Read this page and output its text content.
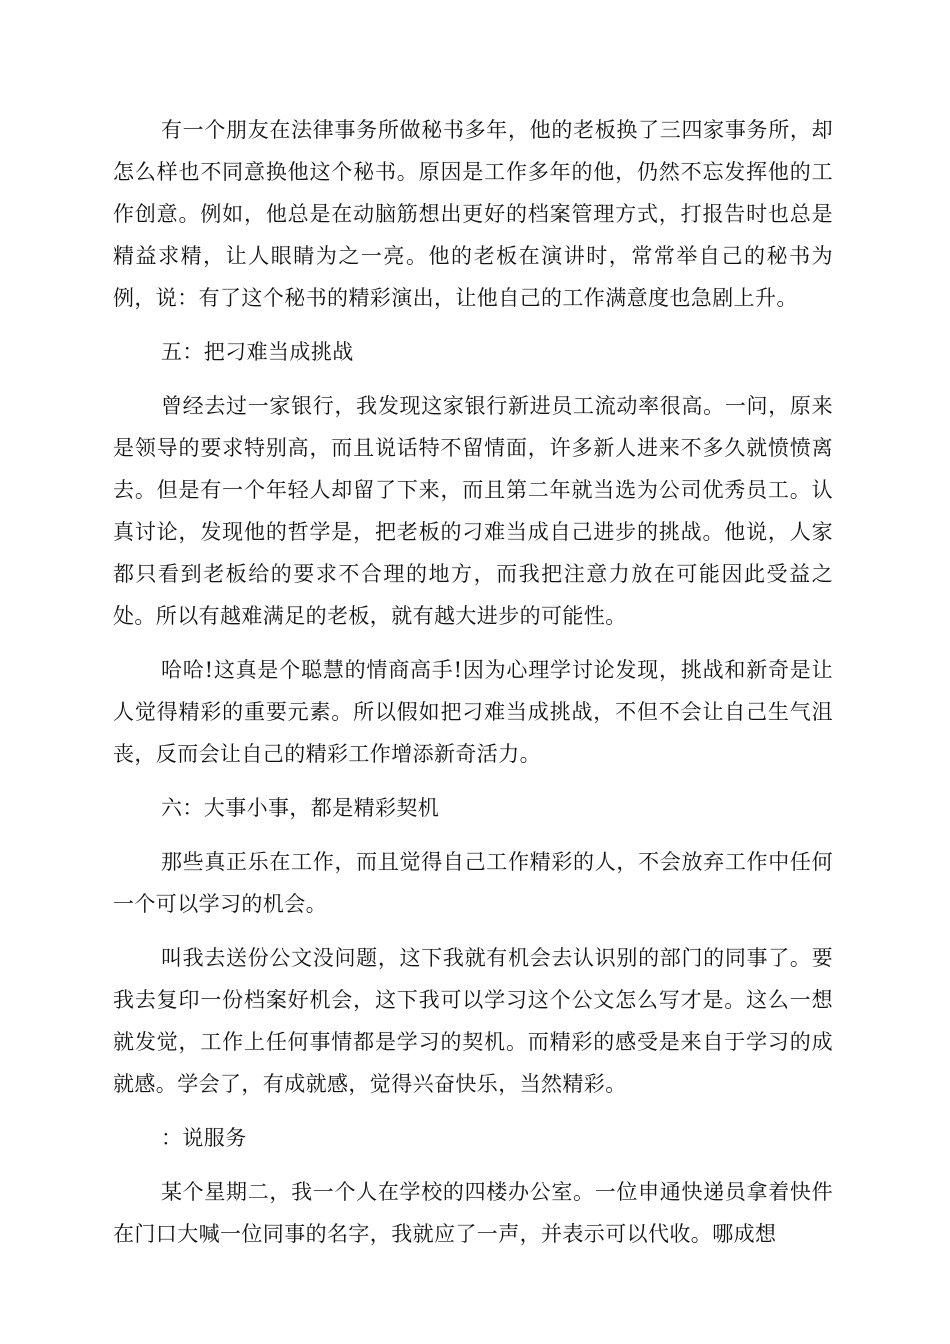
有一个朋友在法律事务所做秘书多年，他的老板换了三四家事务所，却怎么样也不同意换他这个秘书。原因是工作多年的他，仍然不忘发挥他的工作创意。例如，他总是在动脑筋想出更好的档案管理方式，打报告时也总是精益求精，让人眼睛为之一亮。他的老板在演讲时，常常举自己的秘书为例，说：有了这个秘书的精彩演出，让他自己的工作满意度也急剧上升。

五：把刁难当成挑战

曾经去过一家银行，我发现这家银行新进员工流动率很高。一问，原来是领导的要求特别高，而且说话特不留情面，许多新人进来不多久就愤愤离去。但是有一个年轻人却留了下来，而且第二年就当选为公司优秀员工。认真讨论，发现他的哲学是，把老板的刁难当成自己进步的挑战。他说，人家都只看到老板给的要求不合理的地方，而我把注意力放在可能因此受益之处。所以有越难满足的老板，就有越大进步的可能性。

哈哈!这真是个聪慧的情商高手!因为心理学讨论发现，挑战和新奇是让人觉得精彩的重要元素。所以假如把刁难当成挑战，不但不会让自己生气沮丧，反而会让自己的精彩工作增添新奇活力。

六：大事小事，都是精彩契机

那些真正乐在工作，而且觉得自己工作精彩的人，不会放弃工作中任何一个可以学习的机会。

叫我去送份公文没问题，这下我就有机会去认识别的部门的同事了。要我去复印一份档案好机会，这下我可以学习这个公文怎么写才是。这么一想就发觉，工作上任何事情都是学习的契机。而精彩的感受是来自于学习的成就感。学会了，有成就感，觉得兴奋快乐，当然精彩。

：说服务

某个星期二，我一个人在学校的四楼办公室。一位申通快递员拿着快件在门口大喊一位同事的名字，我就应了一声，并表示可以代收。哪成想
